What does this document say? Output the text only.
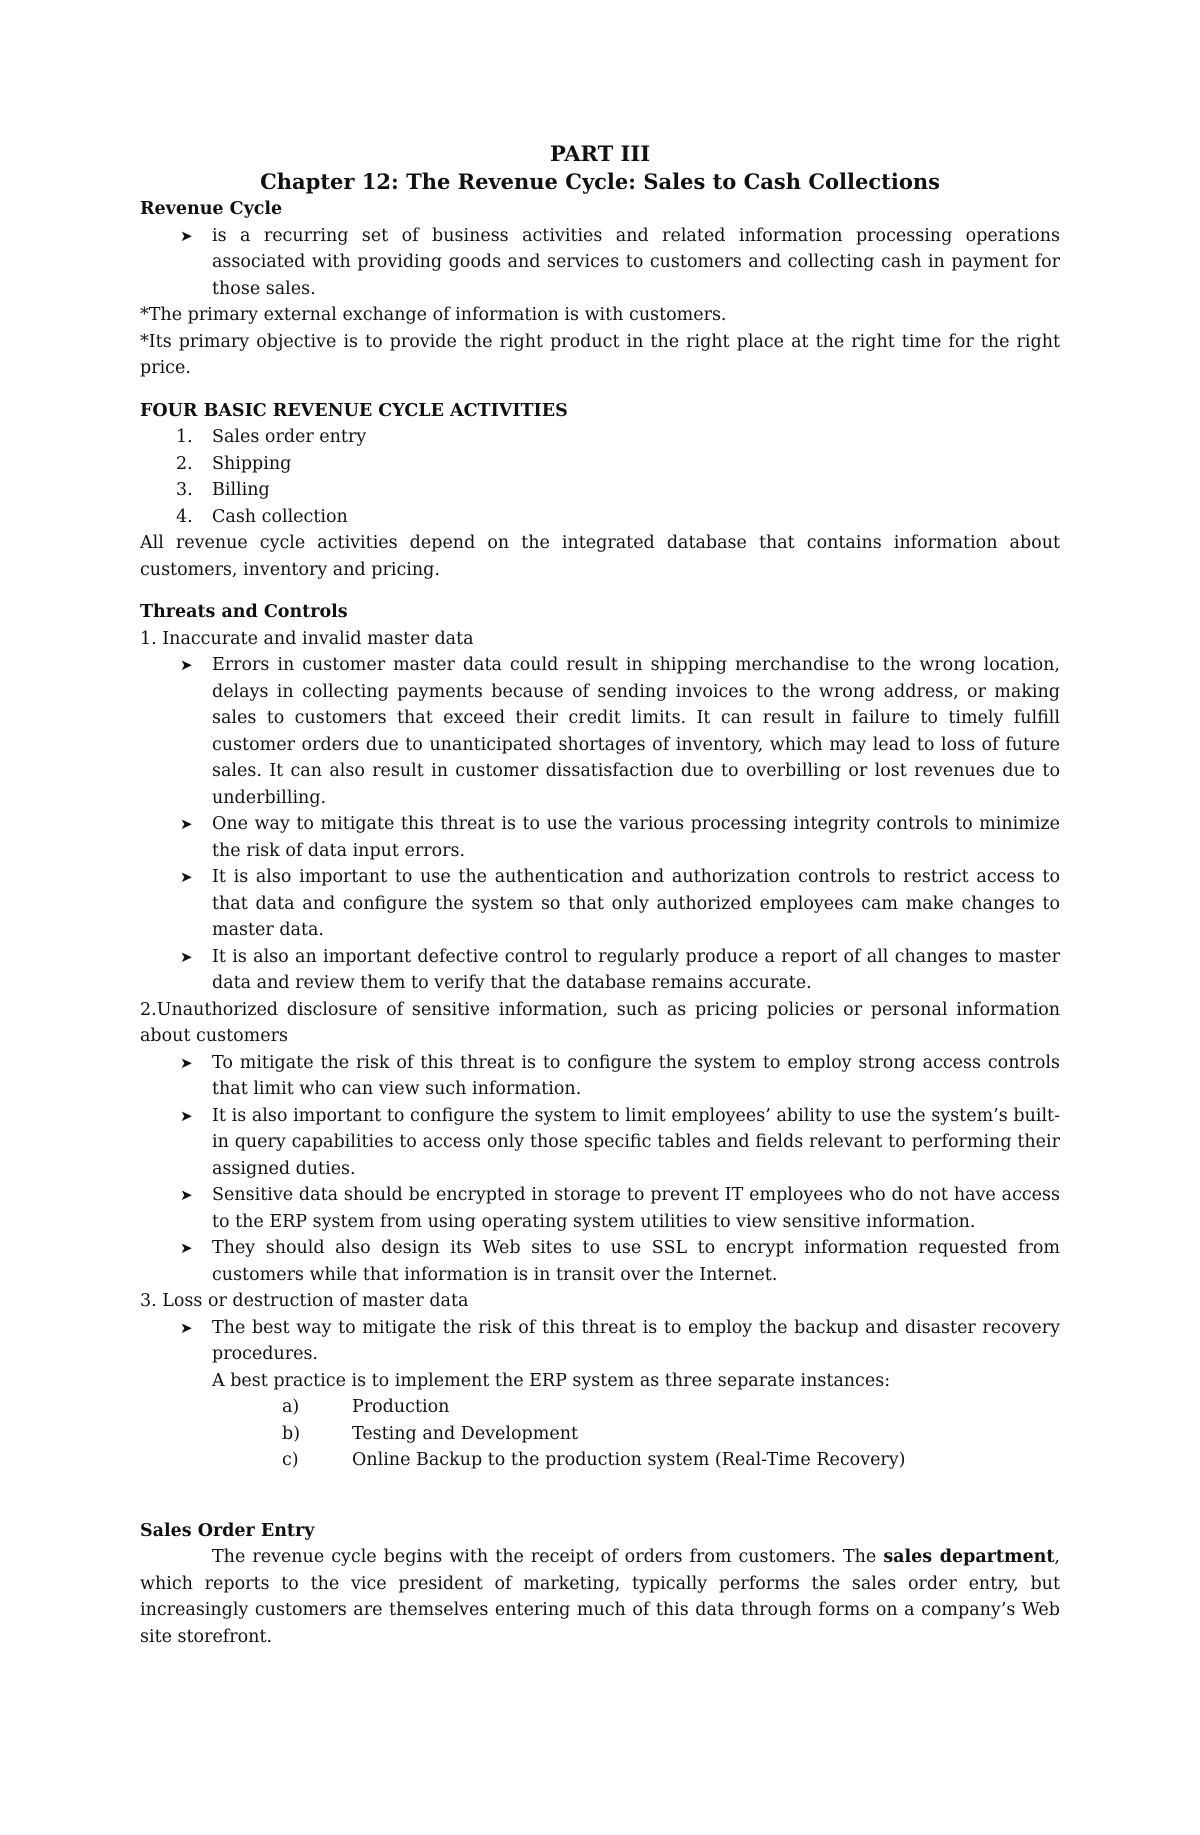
PART III

Chapter 12: The Revenue Cycle: Sales to Cash Collections

Revenue Cycle

➤ is a recurring set of business activities and related information processing operations associated with providing goods and services to customers and collecting cash in payment for those sales.

*The primary external exchange of information is with customers.

*Its primary objective is to provide the right product in the right place at the right time for the right price.

FOUR BASIC REVENUE CYCLE ACTIVITIES

1. Sales order entry
2. Shipping
3. Billing
4. Cash collection

All revenue cycle activities depend on the integrated database that contains information about customers, inventory and pricing.

Threats and Controls

1. Inaccurate and invalid master data

➤ Errors in customer master data could result in shipping merchandise to the wrong location, delays in collecting payments because of sending invoices to the wrong address, or making sales to customers that exceed their credit limits. It can result in failure to timely fulfill customer orders due to unanticipated shortages of inventory, which may lead to loss of future sales. It can also result in customer dissatisfaction due to overbilling or lost revenues due to underbilling.
➤ One way to mitigate this threat is to use the various processing integrity controls to minimize the risk of data input errors.
➤ It is also important to use the authentication and authorization controls to restrict access to that data and configure the system so that only authorized employees cam make changes to master data.
➤ It is also an important defective control to regularly produce a report of all changes to master data and review them to verify that the database remains accurate.

2.Unauthorized disclosure of sensitive information, such as pricing policies or personal information about customers

➤ To mitigate the risk of this threat is to configure the system to employ strong access controls that limit who can view such information.
➤ It is also important to configure the system to limit employees’ ability to use the system’s built-in query capabilities to access only those specific tables and fields relevant to performing their assigned duties.
➤ Sensitive data should be encrypted in storage to prevent IT employees who do not have access to the ERP system from using operating system utilities to view sensitive information.
➤ They should also design its Web sites to use SSL to encrypt information requested from customers while that information is in transit over the Internet.

3. Loss or destruction of master data

➤ The best way to mitigate the risk of this threat is to employ the backup and disaster recovery procedures.

A best practice is to implement the ERP system as three separate instances:

a)	Production
b)	Testing and Development
c)	Online Backup to the production system (Real-Time Recovery)

Sales Order Entry

The revenue cycle begins with the receipt of orders from customers. The sales department, which reports to the vice president of marketing, typically performs the sales order entry, but increasingly customers are themselves entering much of this data through forms on a company’s Web site storefront.
